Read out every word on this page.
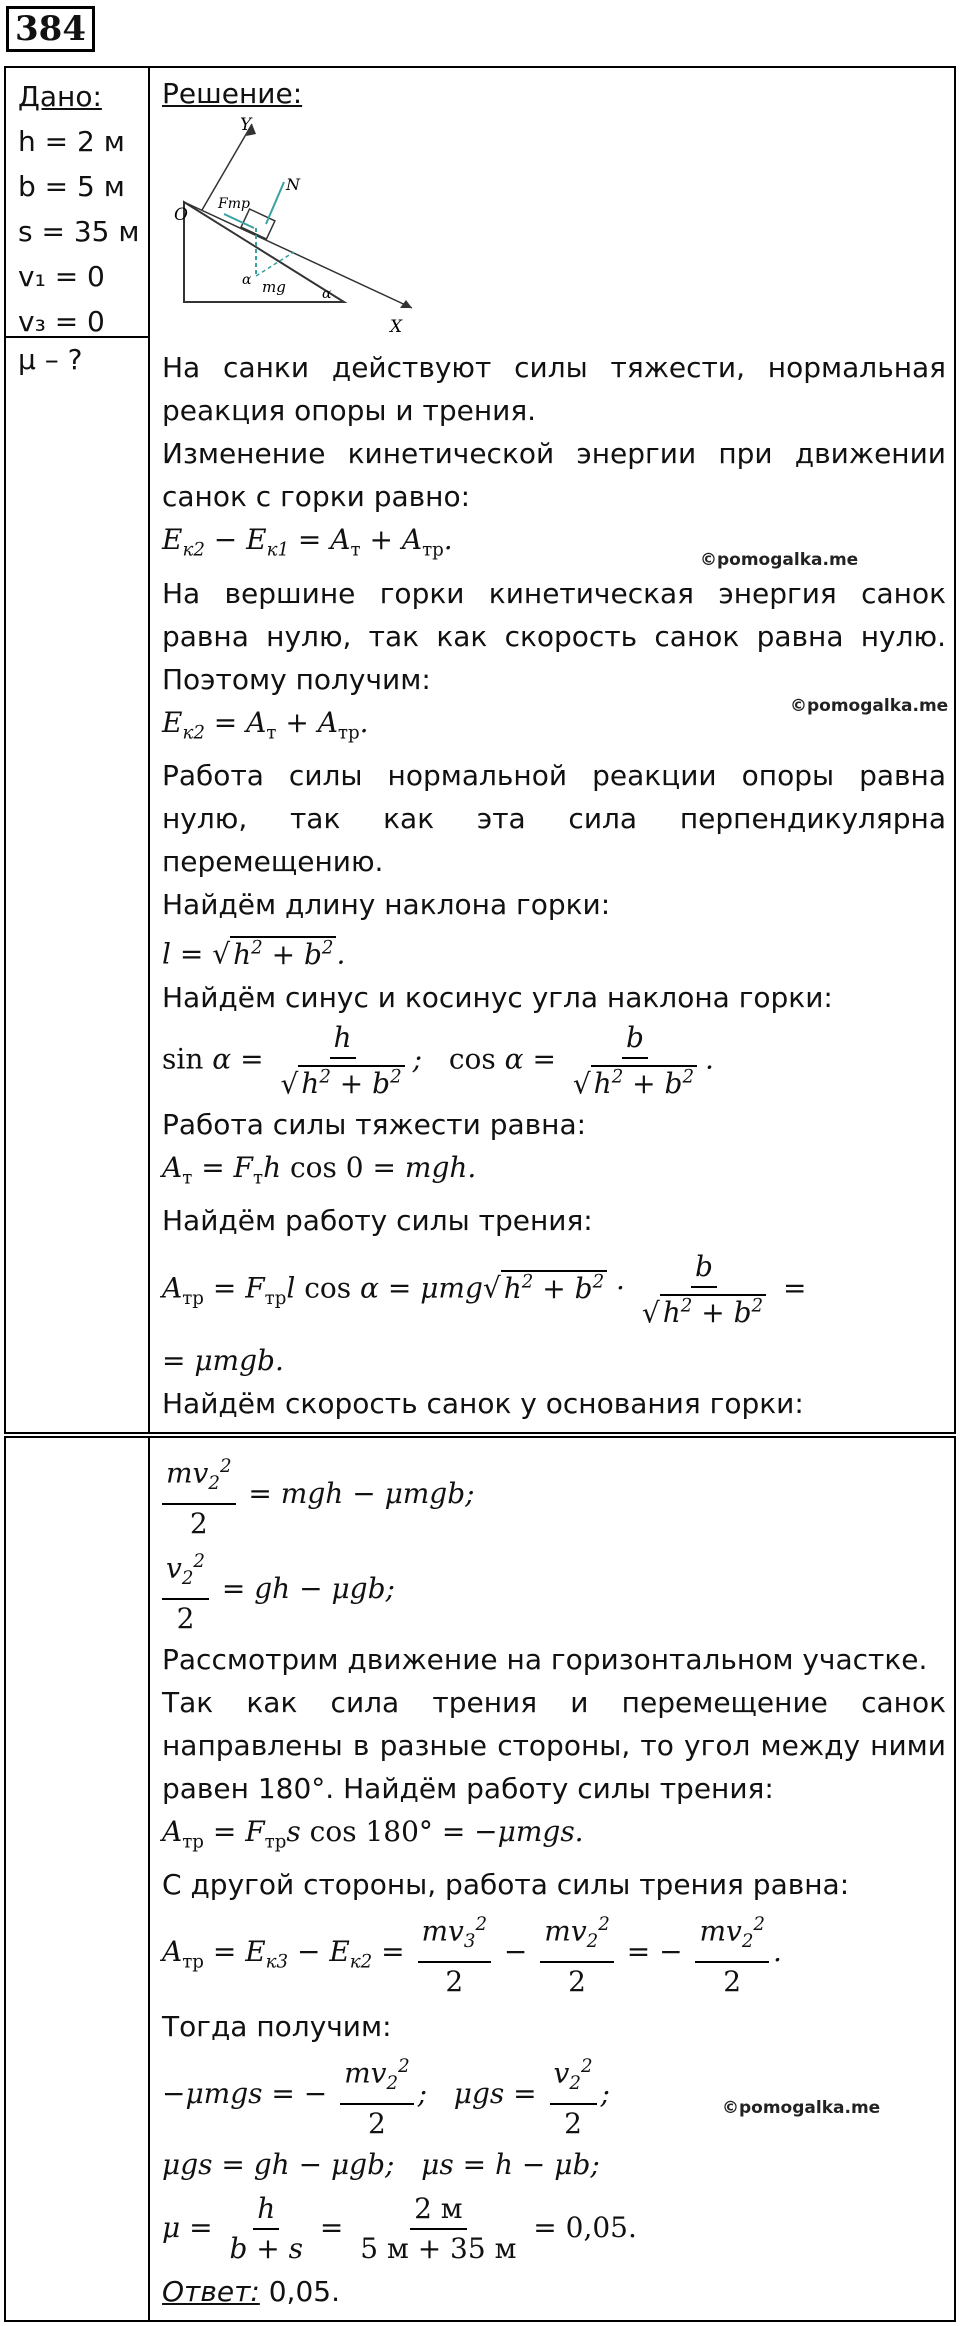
384
Дано:
h = 2 м
b = 5 м
s = 35 м
v₁ = 0
v₃ = 0
μ – ?
Решение:
O
Y
X
N
Fтр
mg
α
α
На санки действуют силы тяжести, нормальная реакция опоры и трения.
Изменение кинетической энергии при движении санок с горки равно:
$E_{к2} - E_{к1} = A_т + A_{тр}$.
На вершине горки кинетическая энергия санок равна нулю, так как скорость санок равна нулю. Поэтому получим:
$E_{к2} = A_т + A_{тр}$.
Работа силы нормальной реакции опоры равна нулю, так как эта сила перпендикулярна перемещению.
Найдём длину наклона горки:
l = √ $h^2 + b^2$ .
Найдём синус и косинус угла наклона горки:
$\sin \alpha = \frac{h}{√ h^2 + b^2}$ ;   $\cos \alpha = \frac{b}{√ h^2 + b^2}$ .
Работа силы тяжести равна:
$A_т = F_тh$ cos 0 = mgh.
Найдём работу силы трения:
$A_{тр} = F_{тр}l$ cos α = μmg√ $h^2 + b^2 \cdot \frac{b}{√ h^2 + b^2}$ =
= μmgb.
Найдём скорость санок у основания горки:
©pomogalka.me
©pomogalka.me
$\frac{mv_2^2}{2}$ = mgh − μmgb;
$\frac{v_2^2}{2}$ = gh − μgb;
Рассмотрим движение на горизонтальном участке.
Так как сила трения и перемещение санок направлены в разные стороны, то угол между ними равен 180°. Найдём работу силы трения:
$A_{тр} = F_{тр}s$ cos 180° = −μmgs.
С другой стороны, работа силы трения равна:
$A_{тр} = E_{к3} - E_{к2} = \frac{mv_3^2}{2} - \frac{mv_2^2}{2}$ = − $\frac{mv_2^2}{2}$ .
Тогда получим:
−μmgs = − $\frac{mv_2^2}{2}$ ;   $\mu gs = \frac{v_2^2}{2}$ ;
μgs = gh − μgb;   μs = h − μb;
$\mu = \frac{h}{b + s} = \frac{2 м}{5 м + 35 м} = 0,05$.
Ответ: 0,05.
©pomogalka.me
